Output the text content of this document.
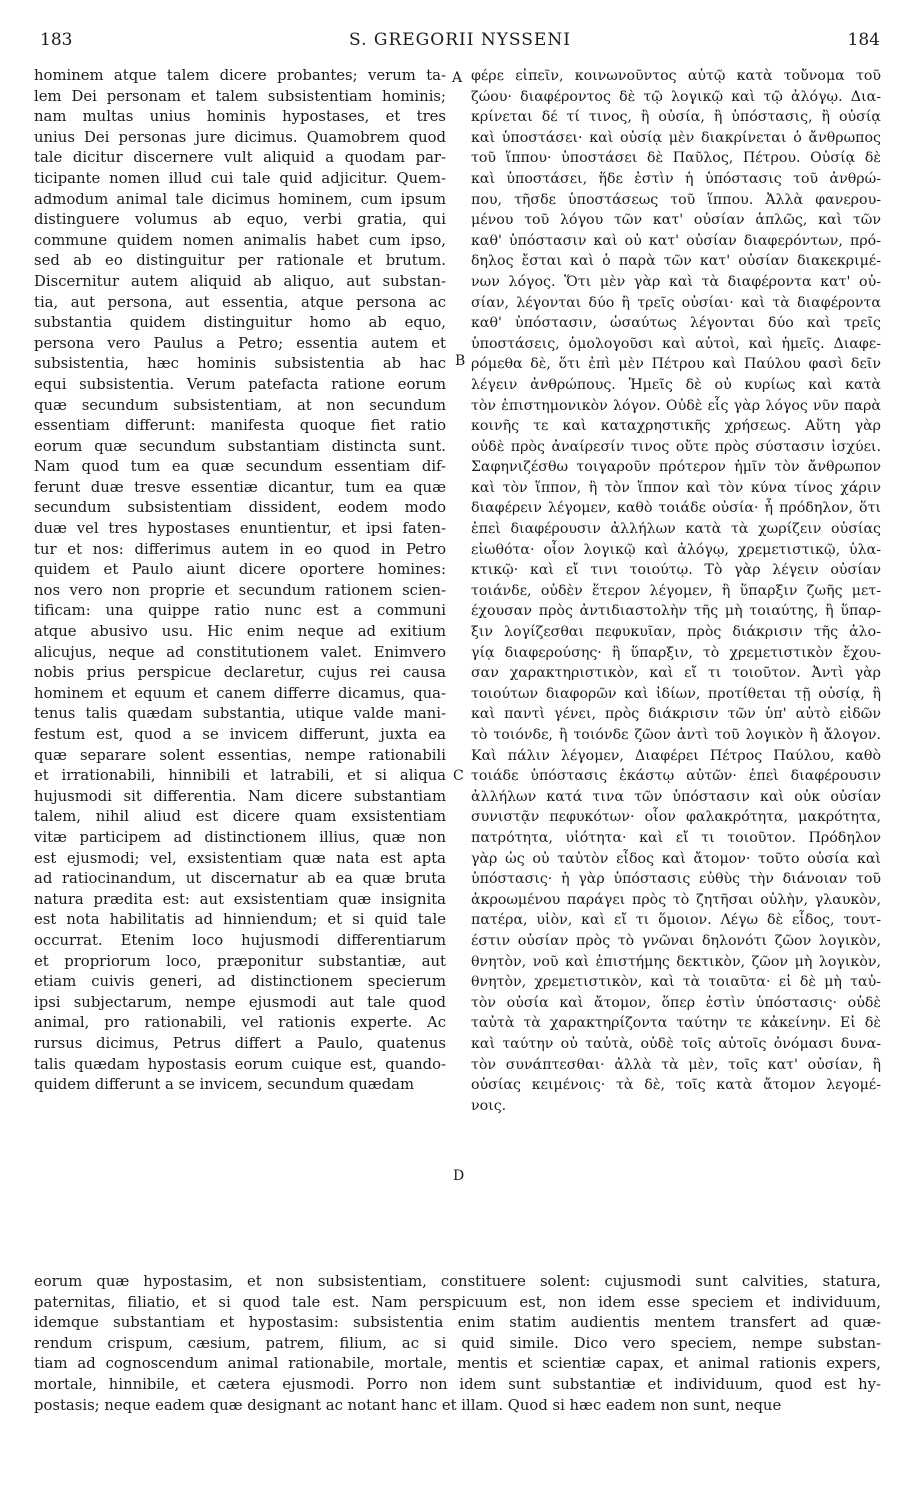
183	S. GREGORII NYSSENI	184
hominem atque talem dicere probantes; verum ta-
lem Dei personam et talem subsistentiam hominis;
nam multas unius hominis hypostases, et tres
unius Dei personas jure dicimus. Quamobrem quod
tale dicitur discernere vult aliquid a quodam par-
ticipante nomen illud cui tale quid adjicitur. Quem-
admodum animal tale dicimus hominem, cum ipsum
distinguere volumus ab equo, verbi gratia, qui
commune quidem nomen animalis habet cum ipso,
sed ab eo distinguitur per rationale et brutum.
Discernitur autem aliquid ab aliquo, aut substan-
tia, aut persona, aut essentia, atque persona ac
substantia quidem distinguitur homo ab equo,
persona vero Paulus a Petro; essentia autem et
subsistentia, hæc hominis subsistentia ab hac
equi subsistentia. Verum patefacta ratione eorum
quæ secundum subsistentiam, at non secundum
essentiam differunt: manifesta quoque fiet ratio
eorum quæ secundum substantiam distincta sunt.
Nam quod tum ea quæ secundum essentiam dif-
ferunt duæ tresve essentiæ dicantur, tum ea quæ
secundum subsistentiam dissident, eodem modo
duæ vel tres hypostases enuntientur, et ipsi faten-
tur et nos: differimus autem in eo quod in Petro
quidem et Paulo aiunt dicere oportere homines:
nos vero non proprie et secundum rationem scien-
tificam: una quippe ratio nunc est a communi
atque abusivo usu. Hic enim neque ad exitium
alicujus, neque ad constitutionem valet. Enimvero
nobis prius perspicue declaretur, cujus rei causa
hominem et equum et canem differre dicamus, qua-
tenus talis quædam substantia, utique valde mani-
festum est, quod a se invicem differunt, juxta ea
quæ separare solent essentias, nempe rationabili
et irrationabili, hinnibili et latrabili, et si aliqua
hujusmodi sit differentia. Nam dicere substantiam
talem, nihil aliud est dicere quam exsistentiam
vitæ participem ad distinctionem illius, quæ non
est ejusmodi; vel, exsistentiam quæ nata est apta
ad ratiocinandum, ut discernatur ab ea quæ bruta
natura prædita est: aut exsistentiam quæ insignita
est nota habilitatis ad hinniendum; et si quid tale
occurrat. Etenim loco hujusmodi differentiarum
et propriorum loco, præponitur substantiæ, aut
etiam cuivis generi, ad distinctionem specierum
ipsi subjectarum, nempe ejusmodi aut tale quod
animal, pro rationabili, vel rationis experte. Ac
rursus dicimus, Petrus differt a Paulo, quatenus
talis quædam hypostasis eorum cuique est, quando-
quidem differunt a se invicem, secundum quædam
φέρε εἰπεῖν, κοινωνοῦντος αὐτῷ κατὰ τοὔνομα τοῦ
ζώου· διαφέροντος δὲ τῷ λογικῷ καὶ τῷ ἀλόγῳ. Δια-
κρίνεται δέ τί τινος, ἢ οὐσία, ἢ ὑπόστασις, ἢ οὐσίᾳ
καὶ ὑποστάσει· καὶ οὐσίᾳ μὲν διακρίνεται ὁ ἄνθρωπος
τοῦ ἵππου· ὑποστάσει δὲ Παῦλος, Πέτρου. Οὐσίᾳ δὲ
καὶ ὑποστάσει, ἥδε ἐστὶν ἡ ὑπόστασις τοῦ ἀνθρώ-
που, τῆσδε ὑποστάσεως τοῦ ἵππου. Ἀλλὰ φανερου-
μένου τοῦ λόγου τῶν κατ' οὐσίαν ἁπλῶς, καὶ τῶν
καθ' ὑπόστασιν καὶ οὐ κατ' οὐσίαν διαφερόντων, πρό-
δηλος ἔσται καὶ ὁ παρὰ τῶν κατ' οὐσίαν διακεκριμέ-
νων λόγος. Ὅτι μὲν γὰρ καὶ τὰ διαφέροντα κατ' οὐ-
σίαν, λέγονται δύο ἢ τρεῖς οὐσίαι· καὶ τὰ διαφέροντα
καθ' ὑπόστασιν, ὡσαύτως λέγονται δύο καὶ τρεῖς
ὑποστάσεις, ὁμολογοῦσι καὶ αὐτοὶ, καὶ ἡμεῖς. Διαφε-
ρόμεθα δὲ, ὅτι ἐπὶ μὲν Πέτρου καὶ Παύλου φασὶ δεῖν
λέγειν ἀνθρώπους. Ἡμεῖς δὲ οὐ κυρίως καὶ κατὰ
τὸν ἐπιστημονικὸν λόγον. Οὐδὲ εἷς γὰρ λόγος νῦν παρὰ
κοινῆς τε καὶ καταχρηστικῆς χρήσεως. Αὕτη γὰρ
οὐδὲ πρὸς ἀναίρεσίν τινος οὔτε πρὸς σύστασιν ἰσχύει.
Σαφηνιζέσθω τοιγαροῦν πρότερον ἡμῖν τὸν ἄνθρωπον
καὶ τὸν ἵππον, ἢ τὸν ἵππον καὶ τὸν κύνα τίνος χάριν
διαφέρειν λέγομεν, καθὸ τοιάδε οὐσία· ἦ πρόδηλον, ὅτι
ἐπεὶ διαφέρουσιν ἀλλήλων κατὰ τὰ χωρίζειν οὐσίας
εἰωθότα· οἷον λογικῷ καὶ ἀλόγῳ, χρεμετιστικῷ, ὑλα-
κτικῷ· καὶ εἴ τινι τοιούτῳ. Τὸ γὰρ λέγειν οὐσίαν
τοιάνδε, οὐδὲν ἕτερον λέγομεν, ἢ ὕπαρξιν ζωῆς μετ-
έχουσαν πρὸς ἀντιδιαστολὴν τῆς μὴ τοιαύτης, ἢ ὕπαρ-
ξιν λογίζεσθαι πεφυκυῖαν, πρὸς διάκρισιν τῆς ἀλο-
γίᾳ διαφερούσης· ἢ ὕπαρξιν, τὸ χρεμετιστικὸν ἔχου-
σαν χαρακτηριστικὸν, καὶ εἴ τι τοιοῦτον. Ἀντὶ γὰρ
τοιούτων διαφορῶν καὶ ἰδίων, προτίθεται τῇ οὐσίᾳ, ἢ
καὶ παντὶ γένει, πρὸς διάκρισιν τῶν ὑπ' αὐτὸ εἰδῶν
τὸ τοιόνδε, ἢ τοιόνδε ζῶον ἀντὶ τοῦ λογικὸν ἢ ἄλογον.
Καὶ πάλιν λέγομεν, Διαφέρει Πέτρος Παύλου, καθὸ
τοιάδε ὑπόστασις ἑκάστῳ αὐτῶν· ἐπεὶ διαφέρουσιν
ἀλλήλων κατά τινα τῶν ὑπόστασιν καὶ οὐκ οὐσίαν
συνιστᾷν πεφυκότων· οἷον φαλακρότητα, μακρότητα,
πατρότητα, υἱότητα· καὶ εἴ τι τοιοῦτον. Πρόδηλον
γὰρ ὡς οὐ ταὐτὸν εἶδος καὶ ἄτομον· τοῦτο οὐσία καὶ
ὑπόστασις· ἡ γὰρ ὑπόστασις εὐθὺς τὴν διάνοιαν τοῦ
ἀκροωμένου παράγει πρὸς τὸ ζητῆσαι οὐλὴν, γλαυκὸν,
πατέρα, υἱὸν, καὶ εἴ τι ὅμοιον. Λέγω δὲ εἶδος, τουτ-
έστιν οὐσίαν πρὸς τὸ γνῶναι δηλονότι ζῶον λογικὸν,
θνητὸν, νοῦ καὶ ἐπιστήμης δεκτικὸν, ζῶον μὴ λογικὸν,
θνητὸν, χρεμετιστικὸν, καὶ τὰ τοιαῦτα· εἰ δὲ μὴ ταὐ-
τὸν οὐσία καὶ ἄτομον, ὅπερ ἐστὶν ὑπόστασις· οὐδὲ
ταὐτὰ τὰ χαρακτηρίζοντα ταύτην τε κἀκείνην. Εἰ δὲ
καὶ ταύτην οὐ ταὐτὰ, οὐδὲ τοῖς αὐτοῖς ὀνόμασι δυνα-
τὸν συνάπτεσθαι· ἀλλὰ τὰ μὲν, τοῖς κατ' οὐσίαν, ἢ
οὐσίας κειμένοις· τὰ δὲ, τοῖς κατὰ ἄτομον λεγομέ-
νοις.
A
B
C
D
eorum quæ hypostasim, et non subsistentiam, constituere solent: cujusmodi sunt calvities, statura,
paternitas, filiatio, et si quod tale est. Nam perspicuum est, non idem esse speciem et individuum,
idemque substantiam et hypostasim: subsistentia enim statim audientis mentem transfert ad quæ-
rendum crispum, cæsium, patrem, filium, ac si quid simile. Dico vero speciem, nempe substan-
tiam ad cognoscendum animal rationabile, mortale, mentis et scientiæ capax, et animal rationis expers,
mortale, hinnibile, et cætera ejusmodi. Porro non idem sunt substantiæ et individuum, quod est hy-
postasis; neque eadem quæ designant ac notant hanc et illam. Quod si hæc eadem non sunt, neque
